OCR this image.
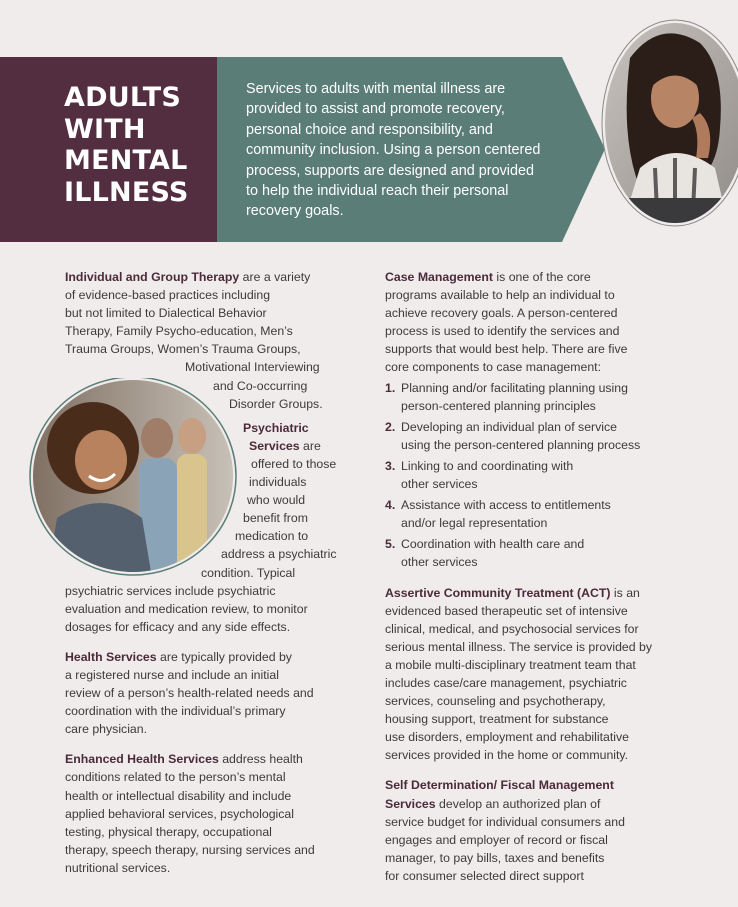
ADULTS
WITH
MENTAL
ILLNESS
Services to adults with mental illness are provided to assist and promote recovery, personal choice and responsibility, and community inclusion. Using a person centered process, supports are designed and provided to help the individual reach their personal recovery goals.
Individual and Group Therapy are a variety
of evidence-based practices including
but not limited to Dialectical Behavior
Therapy, Family Psycho-education, Men’s
Trauma Groups, Women’s Trauma Groups,
Motivational Interviewing
and Co-occurring
Disorder Groups.
Psychiatric
Services are
offered to those
individuals
who would
benefit from
medication to
address a psychiatric
condition. Typical
psychiatric services include psychiatric
evaluation and medication review, to monitor
dosages for efficacy and any side effects.
Health Services are typically provided by
a registered nurse and include an initial
review of a person’s health-related needs and
coordination with the individual’s primary
care physician.
Enhanced Health Services address health
conditions related to the person’s mental
health or intellectual disability and include
applied behavioral services, psychological
testing, physical therapy, occupational
therapy, speech therapy, nursing services and
nutritional services.
Case Management is one of the core
programs available to help an individual to
achieve recovery goals. A person-centered
process is used to identify the services and
supports that would best help. There are five
core components to case management:
1. Planning and/or facilitating planning using
person-centered planning principles
2. Developing an individual plan of service
using the person-centered planning process
3. Linking to and coordinating with
other services
4. Assistance with access to entitlements
and/or legal representation
5. Coordination with health care and
other services
Assertive Community Treatment (ACT) is an
evidenced based therapeutic set of intensive
clinical, medical, and psychosocial services for
serious mental illness. The service is provided by
a mobile multi-disciplinary treatment team that
includes case/care management, psychiatric
services, counseling and psychotherapy,
housing support, treatment for substance
use disorders, employment and rehabilitative
services provided in the home or community.
Self Determination/ Fiscal Management
Services develop an authorized plan of
service budget for individual consumers and
engages and employer of record or fiscal
manager, to pay bills, taxes and benefits
for consumer selected direct support
